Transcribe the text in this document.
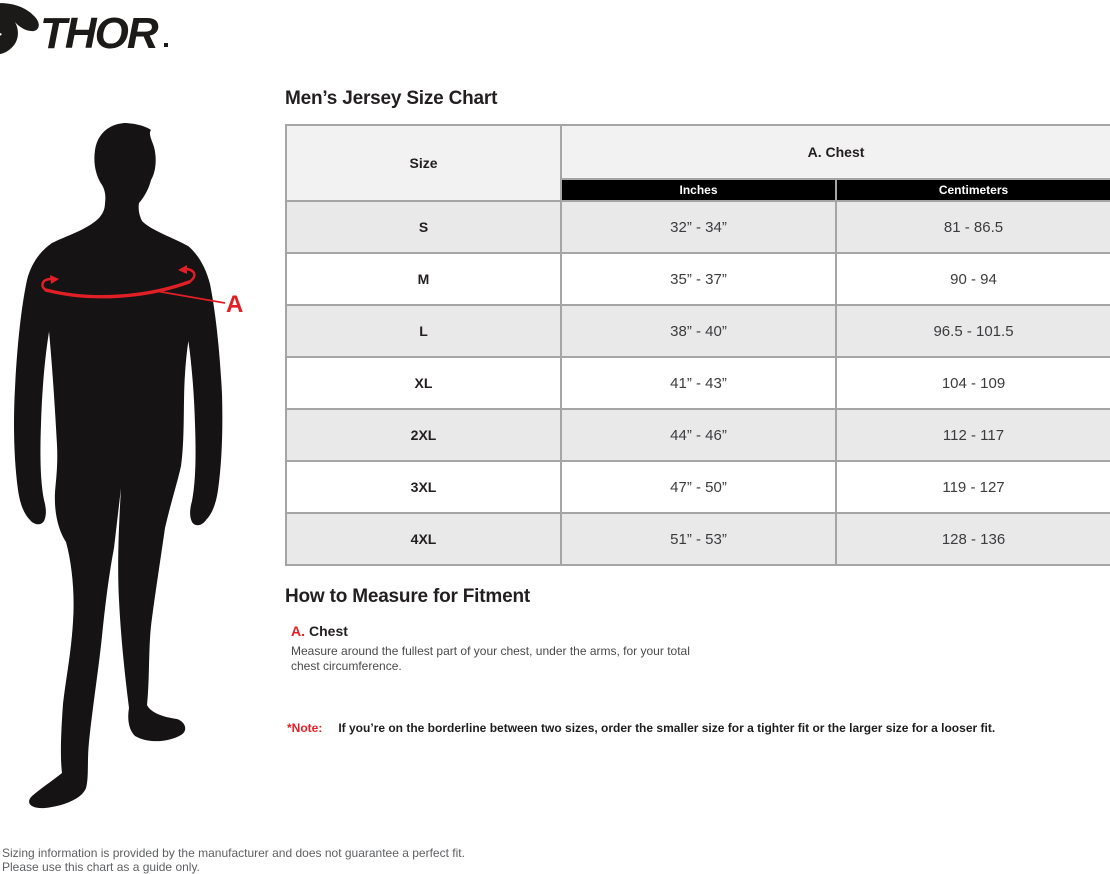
THOR
A
Men’s Jersey Size Chart
Size	A. Chest	
	Inches	Centimeters
S	32” - 34”	81 - 86.5
M	35” - 37”	90 - 94
L	38” - 40”	96.5 - 101.5
XL	41” - 43”	104 - 109
2XL	44” - 46”	112 - 117
3XL	47” - 50”	119 - 127
4XL	51” - 53”	128 - 136
How to Measure for Fitment
A. Chest
Measure around the fullest part of your chest, under the arms, for your total chest circumference.
*Note: If you’re on the borderline between two sizes, order the smaller size for a tighter fit or the larger size for a looser fit.
Sizing information is provided by the manufacturer and does not guarantee a perfect fit.
Please use this chart as a guide only.
